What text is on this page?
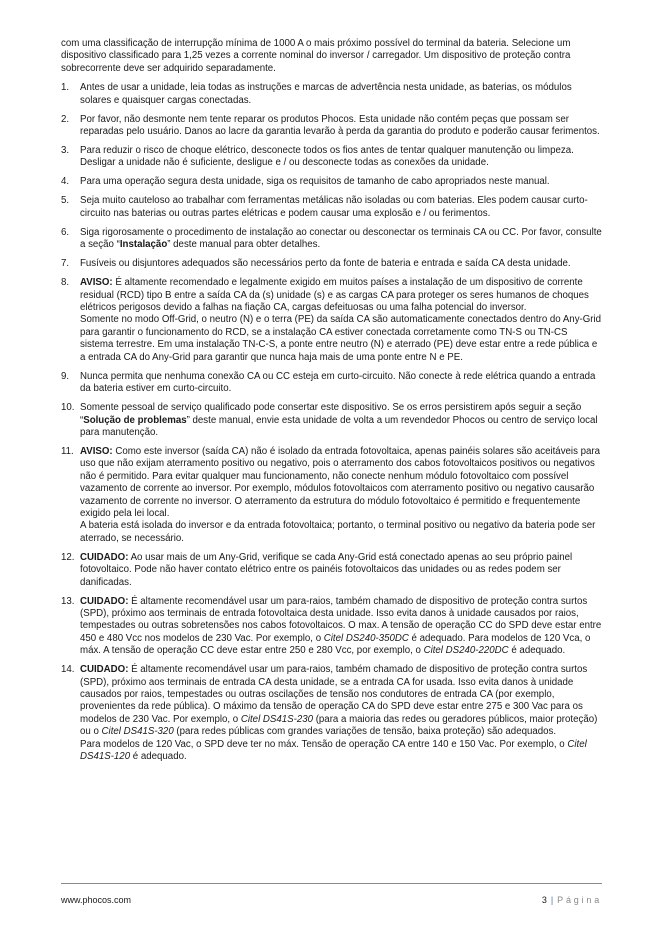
com uma classificação de interrupção mínima de 1000 A o mais próximo possível do terminal da bateria. Selecione um dispositivo classificado para 1,25 vezes a corrente nominal do inversor / carregador. Um dispositivo de proteção contra sobrecorrente deve ser adquirido separadamente.

1. Antes de usar a unidade, leia todas as instruções e marcas de advertência nesta unidade, as baterias, os módulos solares e quaisquer cargas conectadas.

2. Por favor, não desmonte nem tente reparar os produtos Phocos. Esta unidade não contém peças que possam ser reparadas pelo usuário. Danos ao lacre da garantia levarão à perda da garantia do produto e poderão causar ferimentos.

3. Para reduzir o risco de choque elétrico, desconecte todos os fios antes de tentar qualquer manutenção ou limpeza. Desligar a unidade não é suficiente, desligue e / ou desconecte todas as conexões da unidade.

4. Para uma operação segura desta unidade, siga os requisitos de tamanho de cabo apropriados neste manual.

5. Seja muito cauteloso ao trabalhar com ferramentas metálicas não isoladas ou com baterias. Eles podem causar curto-circuito nas baterias ou outras partes elétricas e podem causar uma explosão e / ou ferimentos.

6. Siga rigorosamente o procedimento de instalação ao conectar ou desconectar os terminais CA ou CC. Por favor, consulte a seção “Instalação” deste manual para obter detalhes.

7. Fusíveis ou disjuntores adequados são necessários perto da fonte de bateria e entrada e saída CA desta unidade.

8. AVISO: É altamente recomendado e legalmente exigido em muitos países a instalação de um dispositivo de corrente residual (RCD) tipo B entre a saída CA da (s) unidade (s) e as cargas CA para proteger os seres humanos de choques elétricos perigosos devido a falhas na fiação CA, cargas defeituosas ou uma falha potencial do inversor.

Somente no modo Off-Grid, o neutro (N) e o terra (PE) da saída CA são automaticamente conectados dentro do Any-Grid para garantir o funcionamento do RCD, se a instalação CA estiver conectada corretamente como TN-S ou TN-CS sistema terrestre. Em uma instalação TN-C-S, a ponte entre neutro (N) e aterrado (PE) deve estar entre a rede pública e a entrada CA do Any-Grid para garantir que nunca haja mais de uma ponte entre N e PE.

9. Nunca permita que nenhuma conexão CA ou CC esteja em curto-circuito. Não conecte à rede elétrica quando a entrada da bateria estiver em curto-circuito.

10. Somente pessoal de serviço qualificado pode consertar este dispositivo. Se os erros persistirem após seguir a seção “Solução de problemas” deste manual, envie esta unidade de volta a um revendedor Phocos ou centro de serviço local para manutenção.

11. AVISO: Como este inversor (saída CA) não é isolado da entrada fotovoltaica, apenas painéis solares são aceitáveis para uso que não exijam aterramento positivo ou negativo, pois o aterramento dos cabos fotovoltaicos positivos ou negativos não é permitido. Para evitar qualquer mau funcionamento, não conecte nenhum módulo fotovoltaico com possível vazamento de corrente ao inversor. Por exemplo, módulos fotovoltaicos com aterramento positivo ou negativo causarão vazamento de corrente no inversor. O aterramento da estrutura do módulo fotovoltaico é permitido e frequentemente exigido pela lei local.

A bateria está isolada do inversor e da entrada fotovoltaica; portanto, o terminal positivo ou negativo da bateria pode ser aterrado, se necessário.

12. CUIDADO: Ao usar mais de um Any-Grid, verifique se cada Any-Grid está conectado apenas ao seu próprio painel fotovoltaico. Pode não haver contato elétrico entre os painéis fotovoltaicos das unidades ou as redes podem ser danificadas.

13. CUIDADO: É altamente recomendável usar um para-raios, também chamado de dispositivo de proteção contra surtos (SPD), próximo aos terminais de entrada fotovoltaica desta unidade. Isso evita danos à unidade causados por raios, tempestades ou outras sobretensões nos cabos fotovoltaicos. O max. A tensão de operação CC do SPD deve estar entre 450 e 480 Vcc nos modelos de 230 Vac. Por exemplo, o Citel DS240-350DC é adequado. Para modelos de 120 Vca, o máx. A tensão de operação CC deve estar entre 250 e 280 Vcc, por exemplo, o Citel DS240-220DC é adequado.

14. CUIDADO: É altamente recomendável usar um para-raios, também chamado de dispositivo de proteção contra surtos (SPD), próximo aos terminais de entrada CA desta unidade, se a entrada CA for usada. Isso evita danos à unidade causados por raios, tempestades ou outras oscilações de tensão nos condutores de entrada CA (por exemplo, provenientes da rede pública). O máximo da tensão de operação CA do SPD deve estar entre 275 e 300 Vac para os modelos de 230 Vac. Por exemplo, o Citel DS41S-230 (para a maioria das redes ou geradores públicos, maior proteção) ou o Citel DS41S-320 (para redes públicas com grandes variações de tensão, baixa proteção) são adequados.

Para modelos de 120 Vac, o SPD deve ter no máx. Tensão de operação CA entre 140 e 150 Vac. Por exemplo, o Citel DS41S-120 é adequado.

www.phocos.com	3 | Página
